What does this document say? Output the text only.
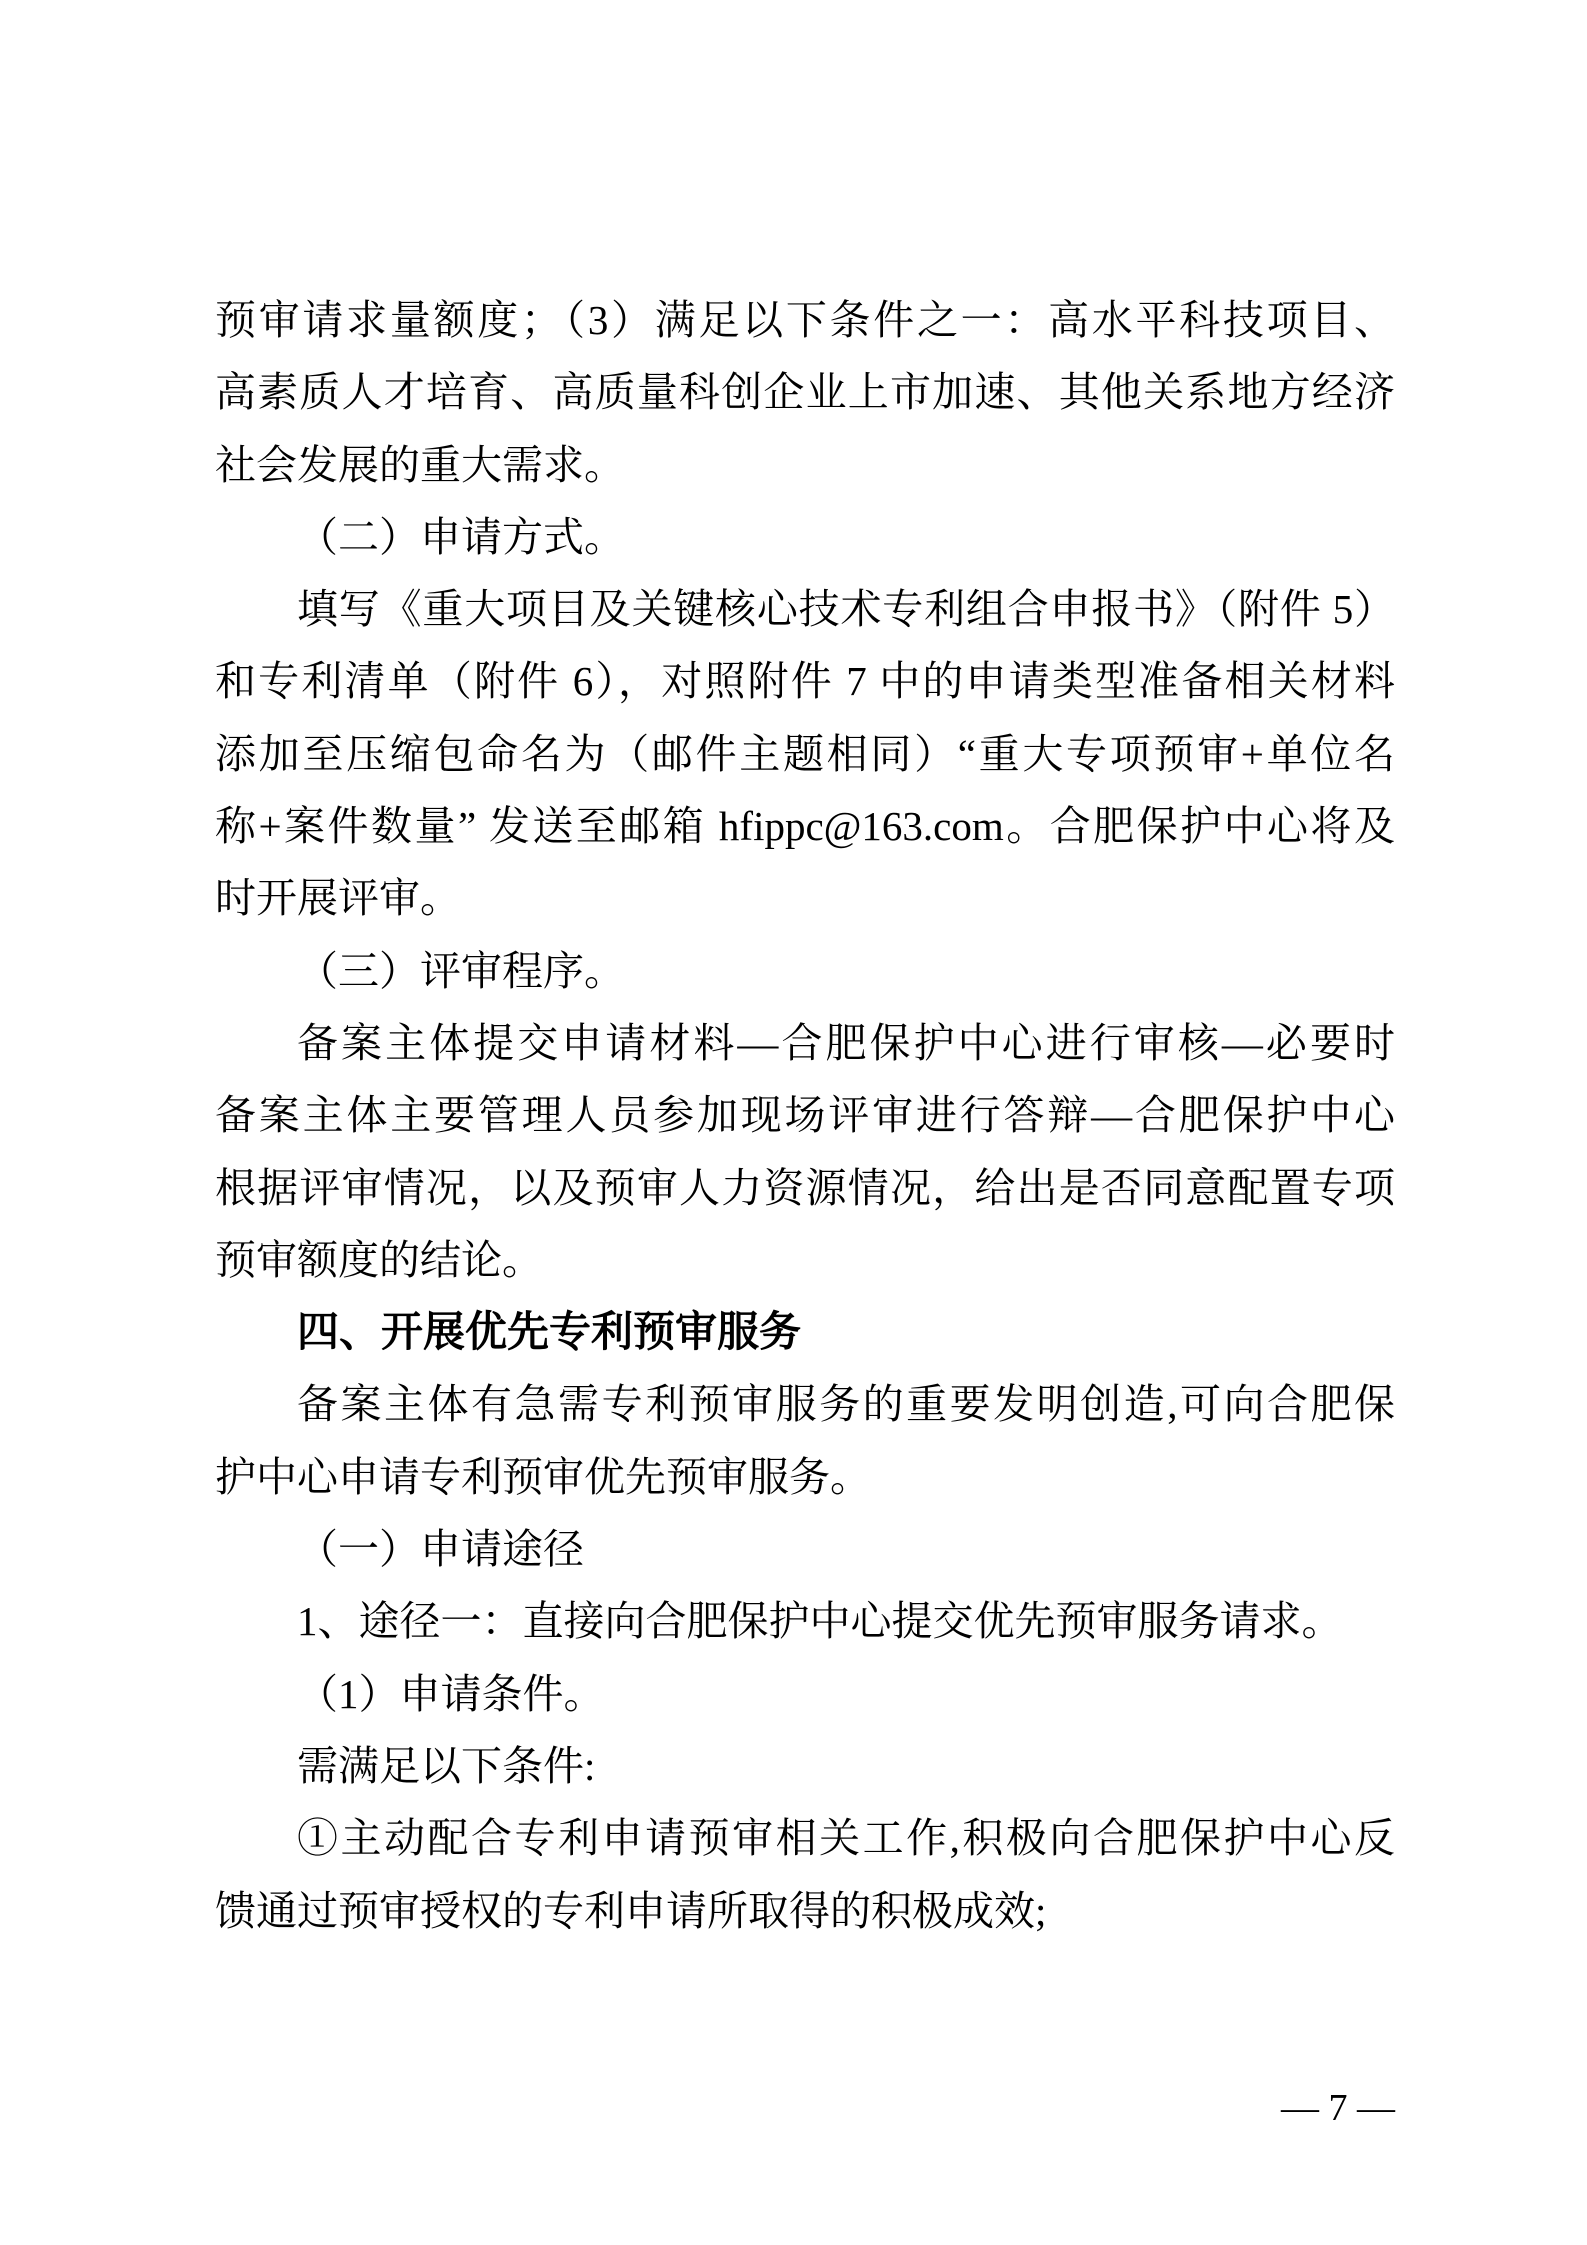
预审请求量额度；（3）满足以下条件之一：高水平科技项目、
高素质人才培育、高质量科创企业上市加速、其他关系地方经济
社会发展的重大需求。
（二）申请方式。
填写《重大项目及关键核心技术专利组合申报书》（附件 5）
和专利清单（附件 6），对照附件 7 中的申请类型准备相关材料
添加至压缩包命名为（邮件主题相同）“重大专项预审+单位名
称+案件数量” 发送至邮箱 hfippc@163.com。合肥保护中心将及
时开展评审。
（三）评审程序。
备案主体提交申请材料—合肥保护中心进行审核—必要时
备案主体主要管理人员参加现场评审进行答辩—合肥保护中心
根据评审情况，以及预审人力资源情况，给出是否同意配置专项
预审额度的结论。
四、开展优先专利预审服务
备案主体有急需专利预审服务的重要发明创造,可向合肥保
护中心申请专利预审优先预审服务。
（一）申请途径
1、途径一：直接向合肥保护中心提交优先预审服务请求。
（1）申请条件。
需满足以下条件:
①主动配合专利申请预审相关工作,积极向合肥保护中心反
馈通过预审授权的专利申请所取得的积极成效;
— 7 —
